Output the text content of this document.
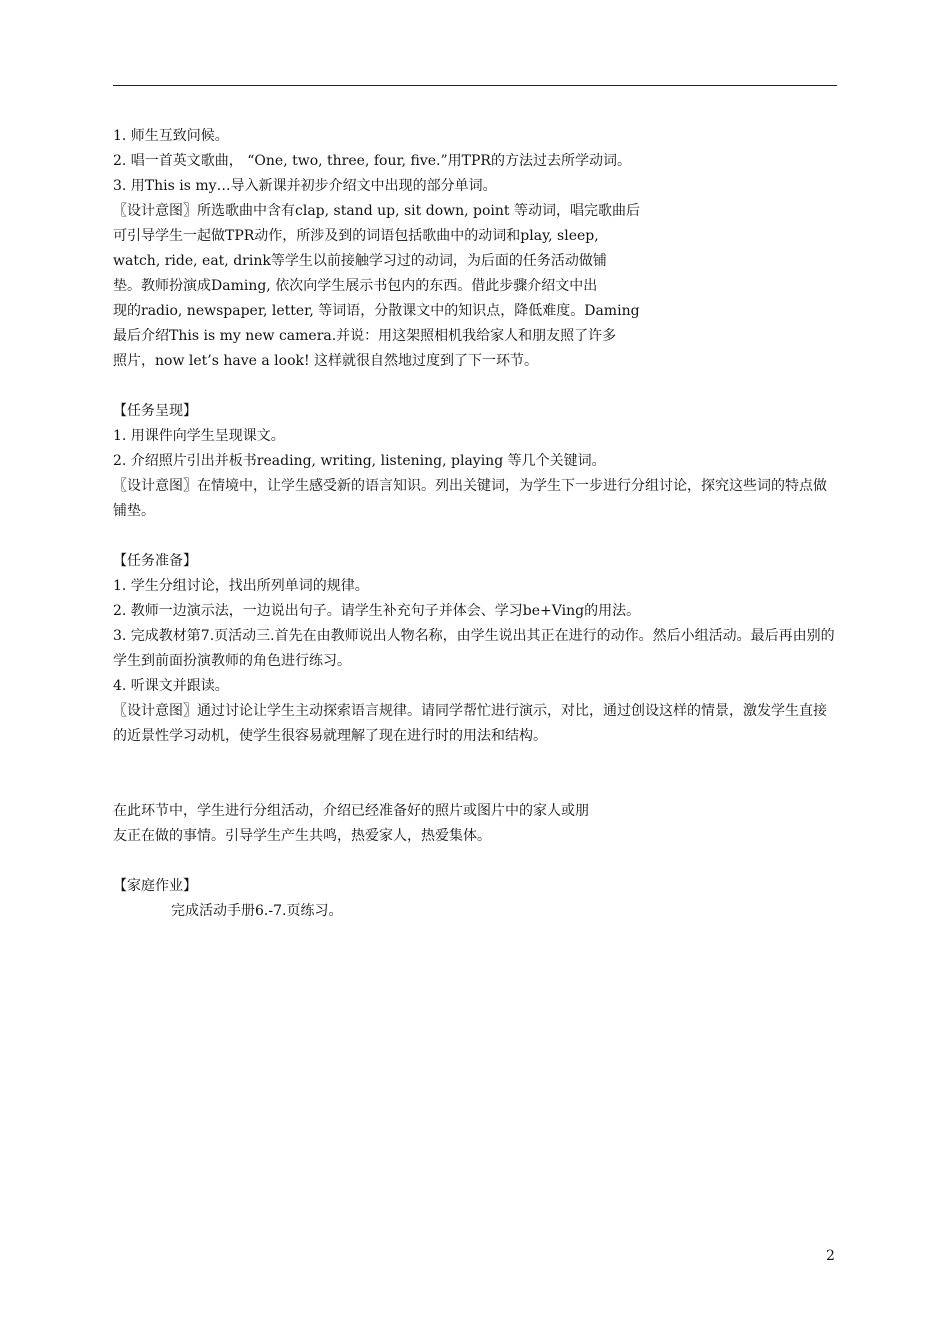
1. 师生互致问候。
2. 唱一首英文歌曲， “One, two, three, four, five.”用TPR的方法过去所学动词。
3. 用This is my…导入新课并初步介绍文中出现的部分单词。
〖设计意图〗所选歌曲中含有clap, stand up, sit down, point 等动词，唱完歌曲后
可引导学生一起做TPR动作，所涉及到的词语包括歌曲中的动词和play, sleep,
watch, ride, eat, drink等学生以前接触学习过的动词，为后面的任务活动做铺
垫。教师扮演成Daming, 依次向学生展示书包内的东西。借此步骤介绍文中出
现的radio, newspaper, letter, 等词语，分散课文中的知识点，降低难度。Daming
最后介绍This is my new camera.并说：用这架照相机我给家人和朋友照了许多
照片，now let’s have a look! 这样就很自然地过度到了下一环节。
【任务呈现】
1. 用课件向学生呈现课文。
2. 介绍照片引出并板书reading, writing, listening, playing 等几个关键词。
〖设计意图〗在情境中，让学生感受新的语言知识。列出关键词，为学生下一步进行分组讨论，探究这些词的特点做铺垫。
【任务准备】
1. 学生分组讨论，找出所列单词的规律。
2. 教师一边演示法，一边说出句子。请学生补充句子并体会、学习be+Ving的用法。
3. 完成教材第7.页活动三.首先在由教师说出人物名称，由学生说出其正在进行的动作。然后小组活动。最后再由别的学生到前面扮演教师的角色进行练习。
4. 听课文并跟读。
〖设计意图〗通过讨论让学生主动探索语言规律。请同学帮忙进行演示，对比，通过创设这样的情景，激发学生直接的近景性学习动机，使学生很容易就理解了现在进行时的用法和结构。
在此环节中，学生进行分组活动，介绍已经准备好的照片或图片中的家人或朋
友正在做的事情。引导学生产生共鸣，热爱家人，热爱集体。
【家庭作业】
完成活动手册6.-7.页练习。
2
